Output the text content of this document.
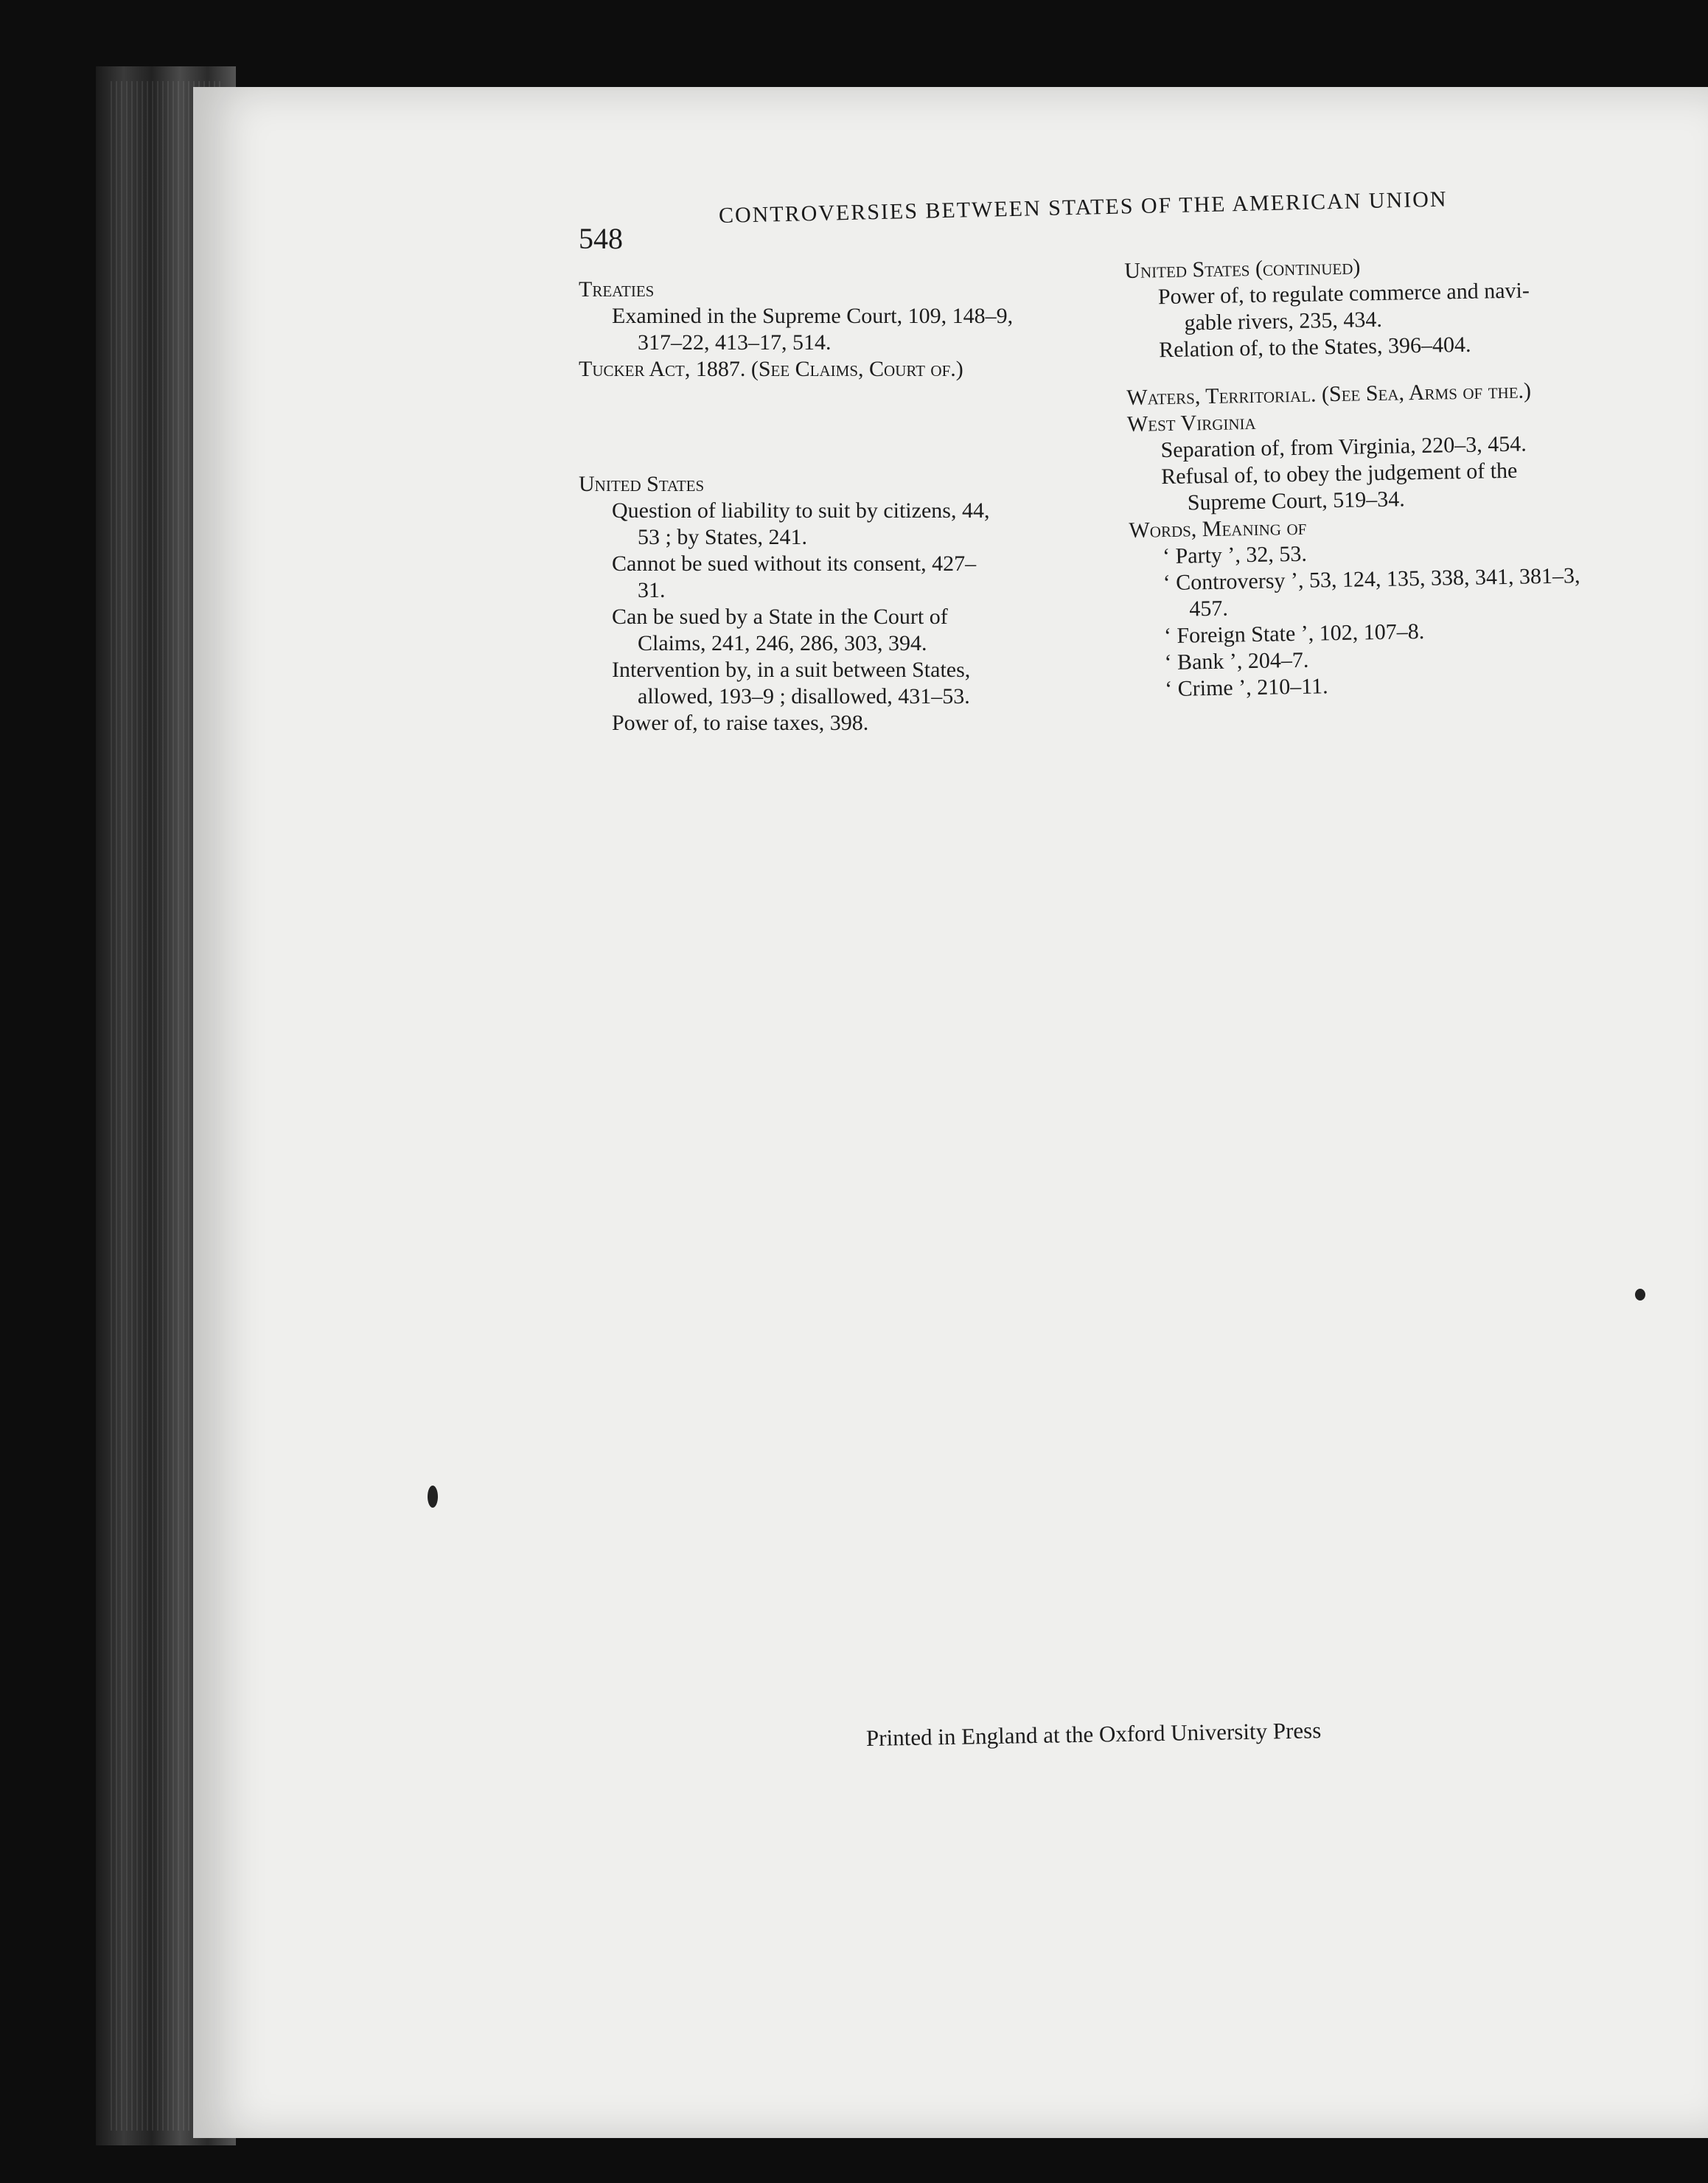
548
CONTROVERSIES BETWEEN STATES OF THE AMERICAN UNION

Treaties

Examined in the Supreme Court, 109, 148–9,

317–22, 413–17, 514.

Tucker Act, 1887. (See Claims, Court of.)

United States

Question of liability to suit by citizens, 44,

53 ; by States, 241.

Cannot be sued without its consent, 427–

31.

Can be sued by a State in the Court of

Claims, 241, 246, 286, 303, 394.

Intervention by, in a suit between States,

allowed, 193–9 ; disallowed, 431–53.

Power of, to raise taxes, 398.

United States (continued)

Power of, to regulate commerce and navi-

gable rivers, 235, 434.

Relation of, to the States, 396–404.

Waters, Territorial. (See Sea, Arms of the.)

West Virginia

Separation of, from Virginia, 220–3, 454.

Refusal of, to obey the judgement of the

Supreme Court, 519–34.

Words, Meaning of

‘ Party ’, 32, 53.

‘ Controversy ’, 53, 124, 135, 338, 341, 381–3,

457.

‘ Foreign State ’, 102, 107–8.

‘ Bank ’, 204–7.

‘ Crime ’, 210–11.

Printed in England at the Oxford University Press
